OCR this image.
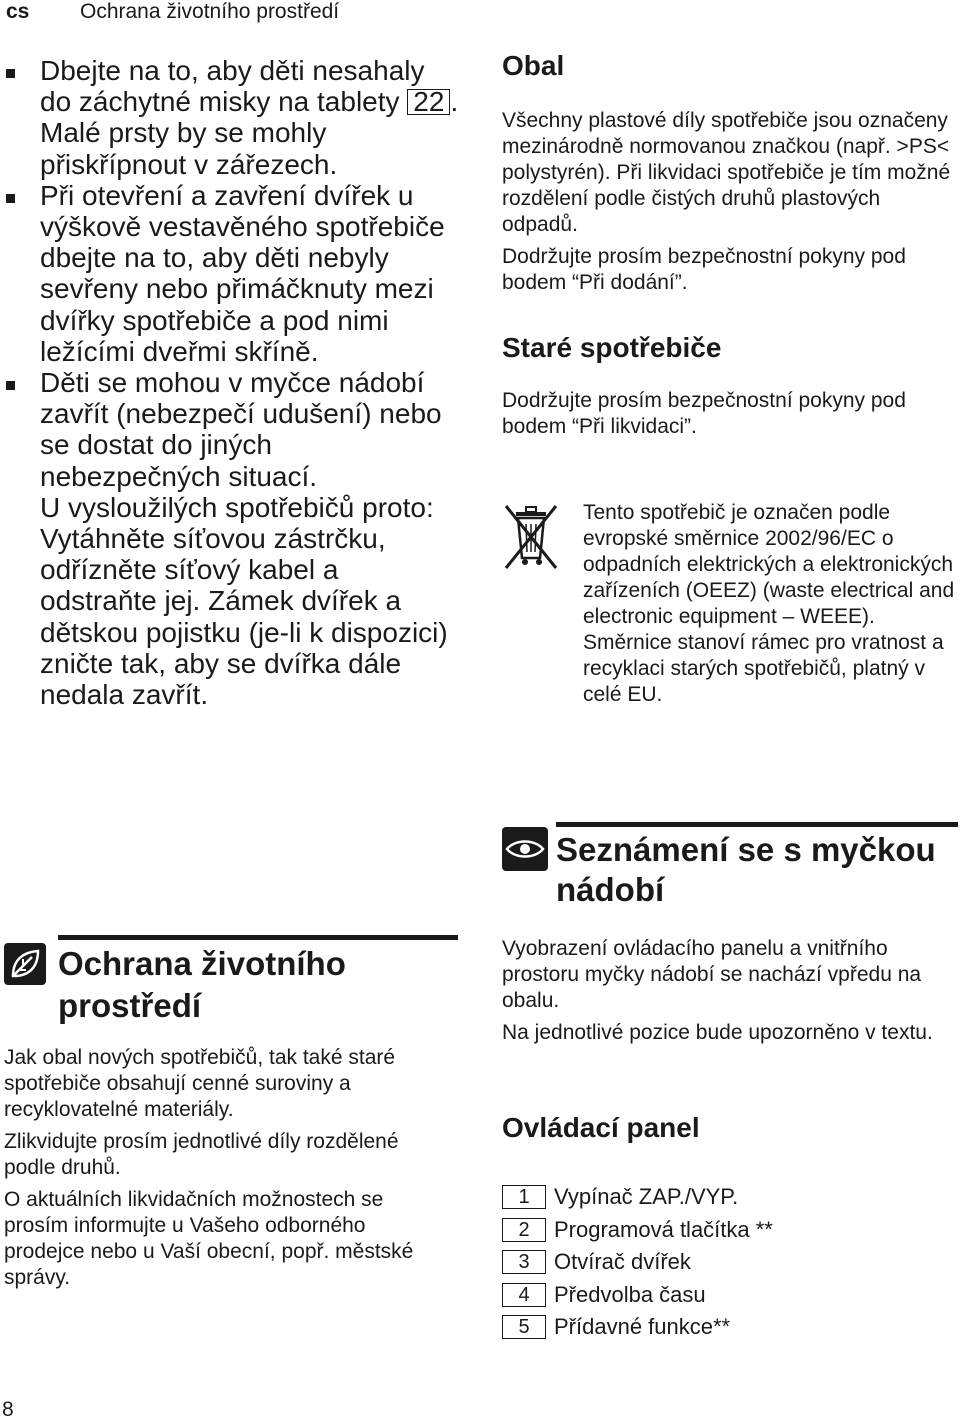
cs Ochrana životního prostředí

Dbejte na to, aby děti nesahaly do záchytné misky na tablety 22 . Malé prsty by se mohly přiskřípnout v zářezech.

Při otevření a zavření dvířek u výškově vestavěného spotřebiče dbejte na to, aby děti nebyly sevřeny nebo přimáčknuty mezi dvířky spotřebiče a pod nimi ležícími dveřmi skříně.

Děti se mohou v myčce nádobí zavřít (nebezpečí udušení) nebo se dostat do jiných nebezpečných situací.

U vysloužilých spotřebičů proto: Vytáhněte síťovou zástrčku, odřízněte síťový kabel a odstraňte jej. Zámek dvířek a dětskou pojistku (je-li k dispozici) zničte tak, aby se dvířka dále nedala zavřít.

Ochrana životního prostředí

Jak obal nových spotřebičů, tak také staré spotřebiče obsahují cenné suroviny a recyklovatelné materiály.

Zlikvidujte prosím jednotlivé díly rozdělené podle druhů.

O aktuálních likvidačních možnostech se prosím informujte u Vašeho odborného prodejce nebo u Vaší obecní, popř. městské správy.

Obal

Všechny plastové díly spotřebiče jsou označeny mezinárodně normovanou značkou (např. >PS< polystyrén). Při likvidaci spotřebiče je tím možné rozdělení podle čistých druhů plastových odpadů.

Dodržujte prosím bezpečnostní pokyny pod bodem “Při dodání”.

Staré spotřebiče

Dodržujte prosím bezpečnostní pokyny pod bodem “Při likvidaci”.

Tento spotřebič je označen podle evropské směrnice 2002/96/EC o odpadních elektrických a elektronických zařízeních (OEEZ) (waste electrical and electronic equipment – WEEE). Směrnice stanoví rámec pro vratnost a recyklaci starých spotřebičů, platný v celé EU.

Seznámení se s myčkou nádobí

Vyobrazení ovládacího panelu a vnitřního prostoru myčky nádobí se nachází vpředu na obalu.

Na jednotlivé pozice bude upozorněno v textu.

Ovládací panel
1	Vypínač ZAP./VYP.
2	Programová tlačítka **
3	Otvírač dvířek
4	Předvolba času
5	Přídavné funkce**
8
